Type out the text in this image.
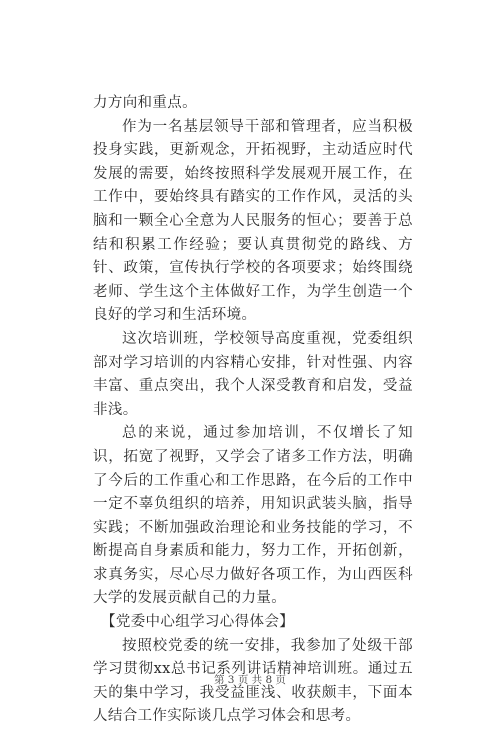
力方向和重点。

作为一名基层领导干部和管理者，应当积极投身实践，更新观念，开拓视野，主动适应时代发展的需要，始终按照科学发展观开展工作，在工作中，要始终具有踏实的工作作风，灵活的头脑和一颗全心全意为人民服务的恒心；要善于总结和积累工作经验；要认真贯彻党的路线、方针、政策，宣传执行学校的各项要求；始终围绕老师、学生这个主体做好工作，为学生创造一个良好的学习和生活环境。

这次培训班，学校领导高度重视，党委组织部对学习培训的内容精心安排，针对性强、内容丰富、重点突出，我个人深受教育和启发，受益非浅。

总的来说，通过参加培训，不仅增长了知识，拓宽了视野，又学会了诸多工作方法，明确了今后的工作重心和工作思路，在今后的工作中一定不辜负组织的培养，用知识武装头脑，指导实践；不断加强政治理论和业务技能的学习，不断提高自身素质和能力，努力工作，开拓创新，求真务实，尽心尽力做好各项工作，为山西医科大学的发展贡献自己的力量。

【党委中心组学习心得体会】

按照校党委的统一安排，我参加了处级干部学习贯彻xx总书记系列讲话精神培训班。通过五天的集中学习，我受益匪浅、收获颇丰，下面本人结合工作实际谈几点学习体会和思考。

第 3 页 共 8 页
